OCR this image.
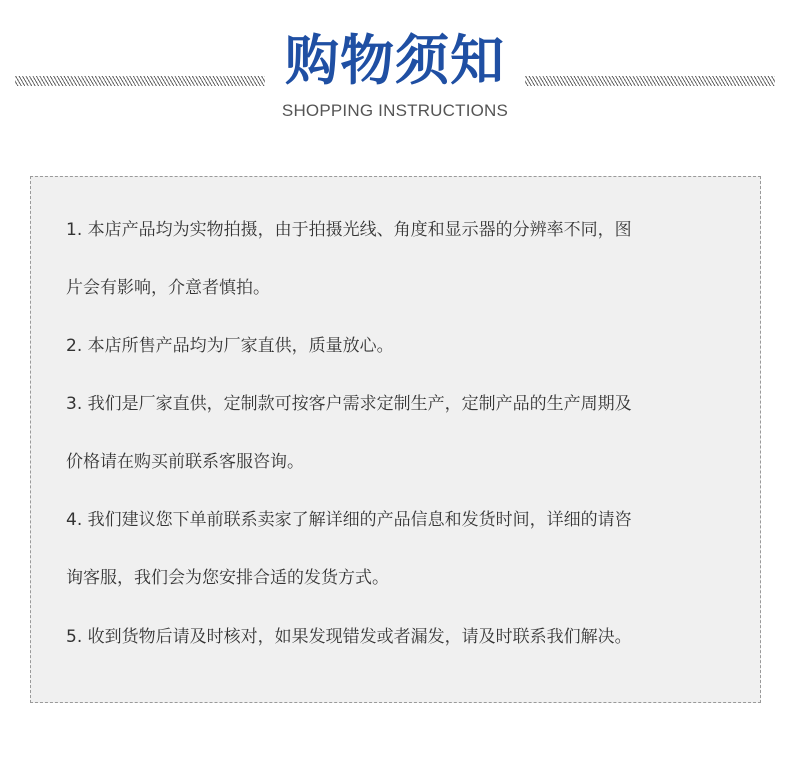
购物须知
SHOPPING INSTRUCTIONS
1. 本店产品均为实物拍摄，由于拍摄光线、角度和显示器的分辨率不同，图
片会有影响，介意者慎拍。
2. 本店所售产品均为厂家直供，质量放心。
3. 我们是厂家直供，定制款可按客户需求定制生产，定制产品的生产周期及
价格请在购买前联系客服咨询。
4. 我们建议您下单前联系卖家了解详细的产品信息和发货时间，详细的请咨
询客服，我们会为您安排合适的发货方式。
5. 收到货物后请及时核对，如果发现错发或者漏发，请及时联系我们解决。
